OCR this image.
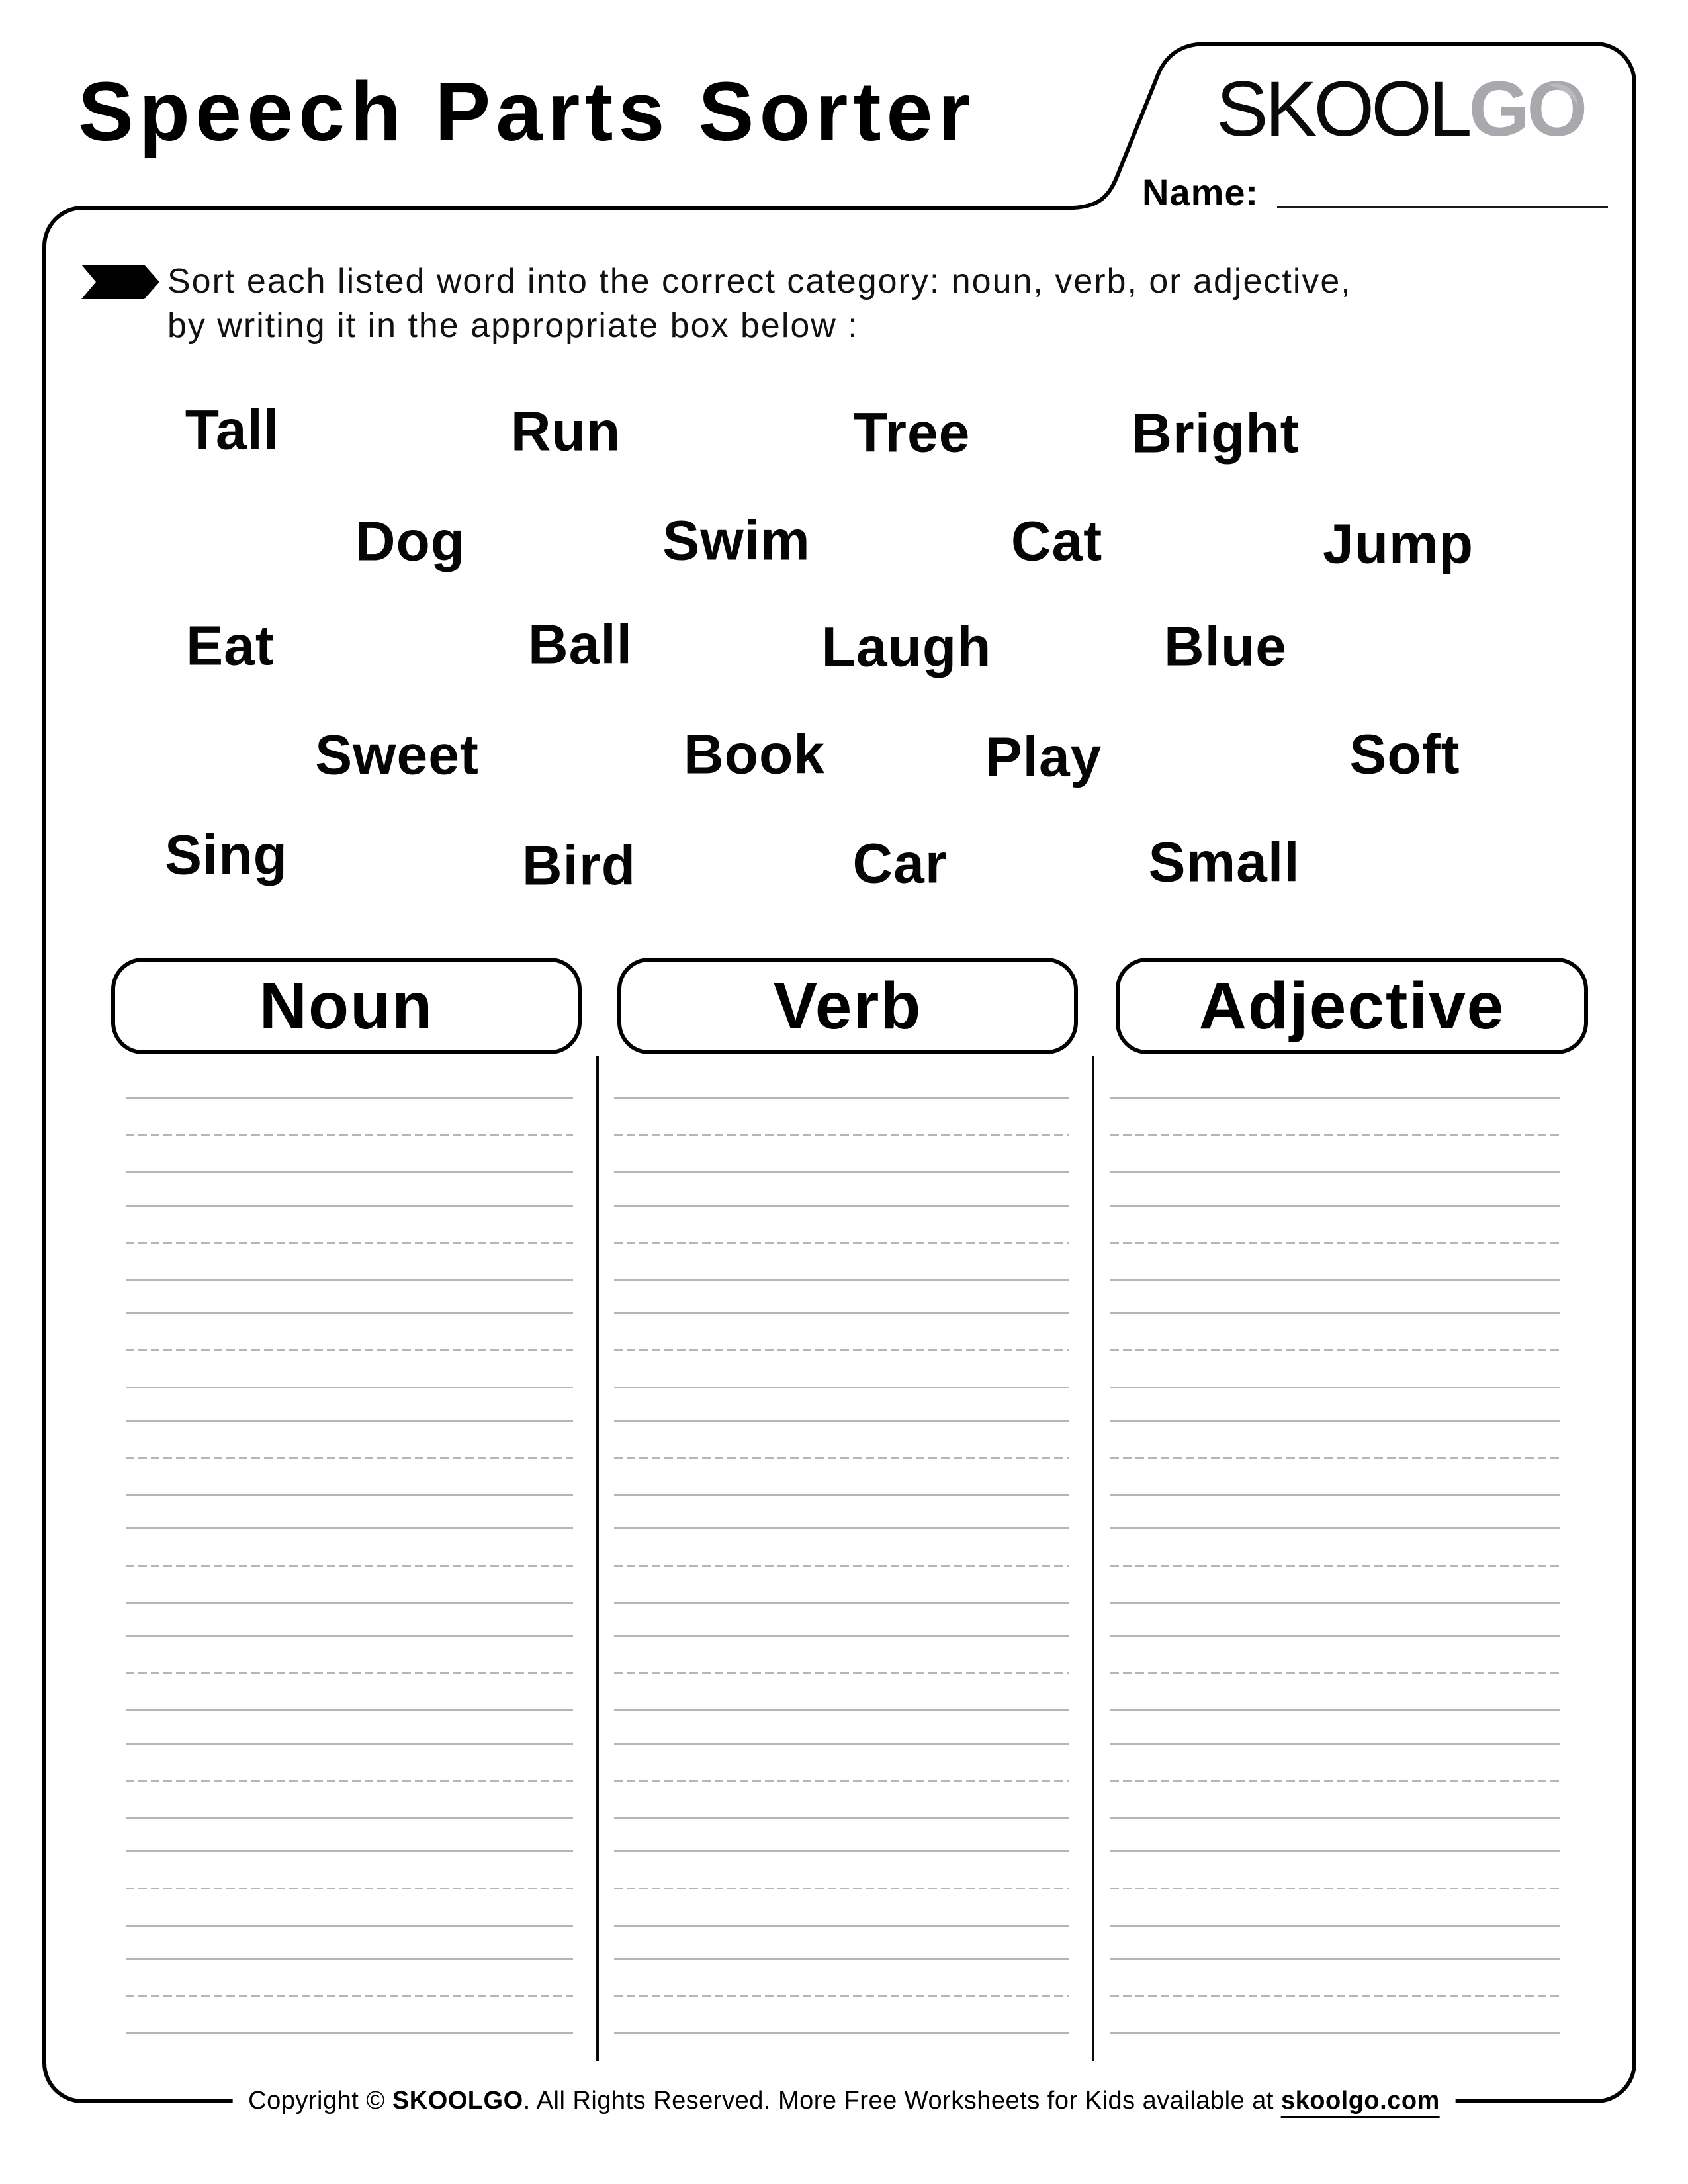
Speech Parts Sorter	SKOOLGO
Name:
Sort each listed word into the correct category: noun, verb, or adjective,
by writing it in the appropriate box below :
Tall	Run	Tree	Bright
Dog	Swim	Cat	Jump
Eat	Ball	Laugh	Blue
Sweet	Book	Play	Soft
Sing	Bird	Car	Small
Noun	Verb	Adjective
Copyright © SKOOLGO. All Rights Reserved. More Free Worksheets for Kids available at skoolgo.com
